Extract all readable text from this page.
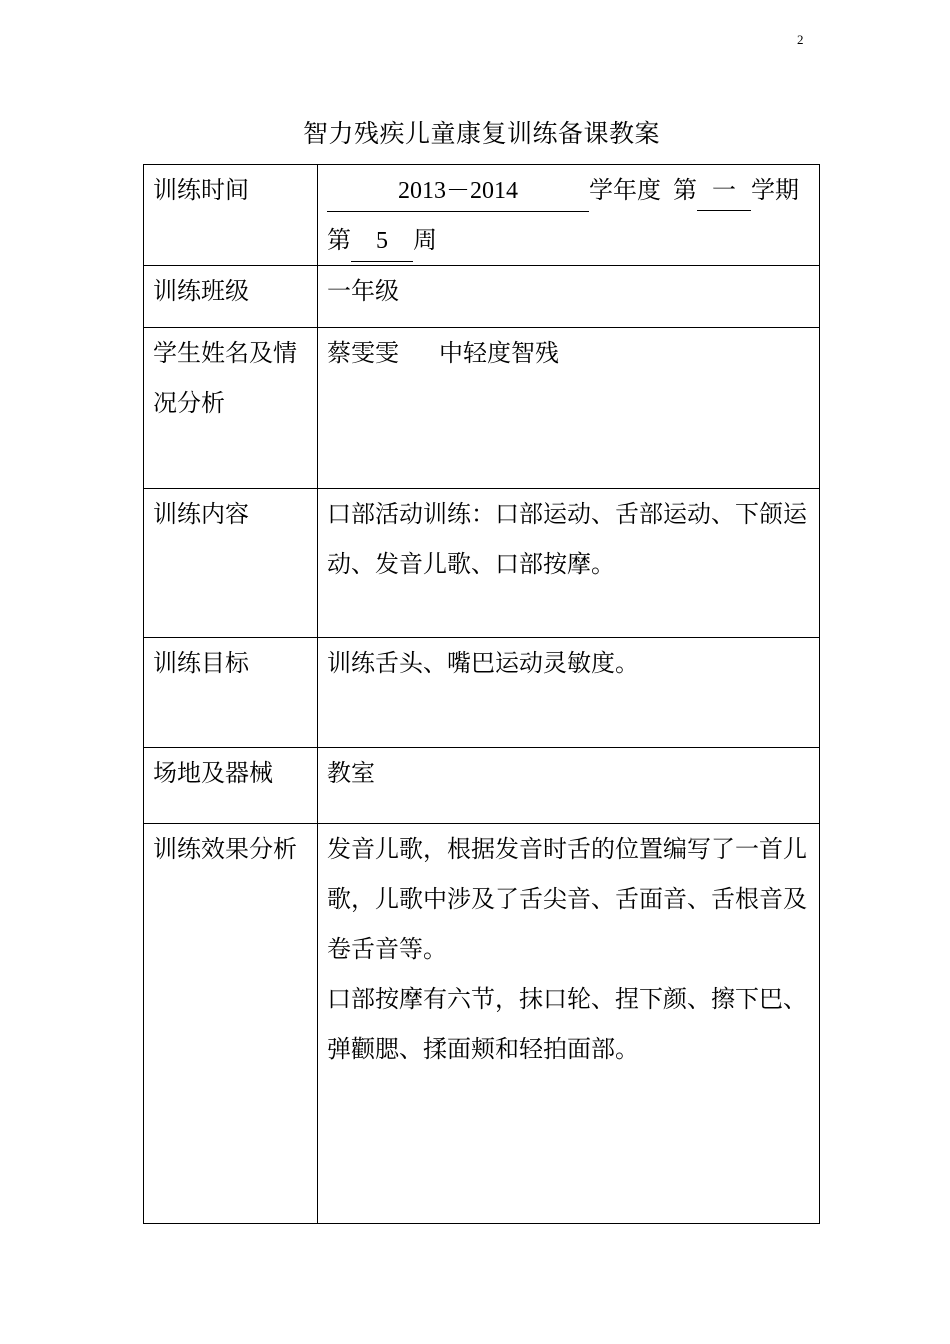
2
智力残疾儿童康复训练备课教案
训练时间	2013－2014 学年度 第 一 学期
第 5 周
训练班级	一年级
学生姓名及情况分析	蔡雯雯 中轻度智残
训练内容	口部活动训练：口部运动、舌部运动、下颌运动、发音儿歌、口部按摩。
训练目标	训练舌头、嘴巴运动灵敏度。
场地及器械	教室
训练效果分析	发音儿歌，根据发音时舌的位置编写了一首儿歌，儿歌中涉及了舌尖音、舌面音、舌根音及卷舌音等。

口部按摩有六节，抹口轮、捏下颜、擦下巴、弹颧腮、揉面颊和轻拍面部。
